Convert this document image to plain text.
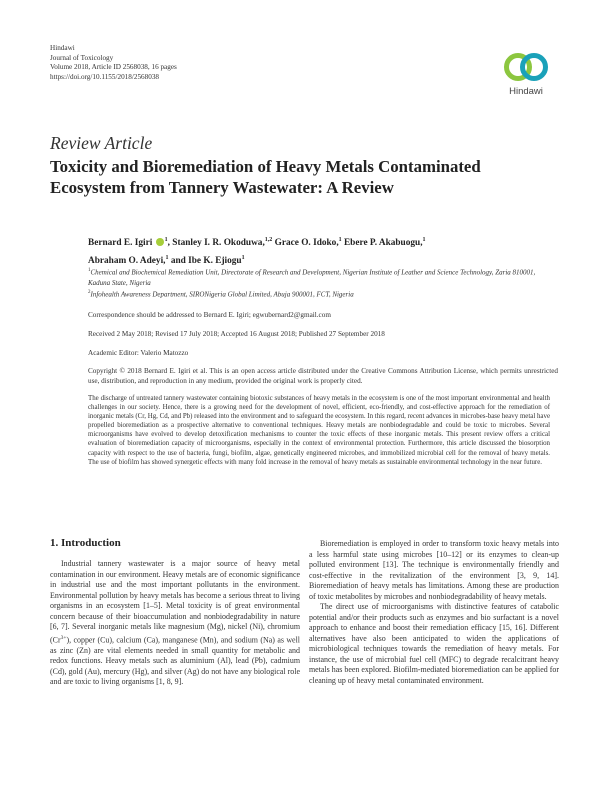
Hindawi
Journal of Toxicology
Volume 2018, Article ID 2568038, 16 pages
https://doi.org/10.1155/2018/2568038
Hindawi
Review Article
Toxicity and Bioremediation of Heavy Metals Contaminated Ecosystem from Tannery Wastewater: A Review
Bernard E. Igiri $^1$, Stanley I. R. Okoduwa,$^{1,2}$ Grace O. Idoko,$^1$ Ebere P. Akabuogu,$^1$
Abraham O. Adeyi,$^1$ and Ibe K. Ejiogu$^1$
$^1$Chemical and Biochemical Remediation Unit, Directorate of Research and Development, Nigerian Institute of Leather and Science Technology, Zaria 810001, Kaduna State, Nigeria
$^2$Infohealth Awareness Department, SIRONigeria Global Limited, Abuja 900001, FCT, Nigeria
Correspondence should be addressed to Bernard E. Igiri; egwubernard2@gmail.com
Received 2 May 2018; Revised 17 July 2018; Accepted 16 August 2018; Published 27 September 2018
Academic Editor: Valerio Matozzo
Copyright © 2018 Bernard E. Igiri et al. This is an open access article distributed under the Creative Commons Attribution License, which permits unrestricted use, distribution, and reproduction in any medium, provided the original work is properly cited.
The discharge of untreated tannery wastewater containing biotoxic substances of heavy metals in the ecosystem is one of the most important environmental and health challenges in our society. Hence, there is a growing need for the development of novel, efficient, eco-friendly, and cost-effective approach for the remediation of inorganic metals (Cr, Hg, Cd, and Pb) released into the environment and to safeguard the ecosystem. In this regard, recent advances in microbes-base heavy metal have propelled bioremediation as a prospective alternative to conventional techniques. Heavy metals are nonbiodegradable and could be toxic to microbes. Several microorganisms have evolved to develop detoxification mechanisms to counter the toxic effects of these inorganic metals. This present review offers a critical evaluation of bioremediation capacity of microorganisms, especially in the context of environmental protection. Furthermore, this article discussed the biosorption capacity with respect to the use of bacteria, fungi, biofilm, algae, genetically engineered microbes, and immobilized microbial cell for the removal of heavy metals. The use of biofilm has showed synergetic effects with many fold increase in the removal of heavy metals as sustainable environmental technology in the near future.
1. Introduction

Industrial tannery wastewater is a major source of heavy metal contamination in our environment. Heavy metals are of economic significance in industrial use and the most important pollutants in the environment. Environmental pollution by heavy metals has become a serious threat to living organisms in an ecosystem [1–5]. Metal toxicity is of great environmental concern because of their bioaccumulation and nonbiodegradability in nature [6, 7]. Several inorganic metals like magnesium (Mg), nickel (Ni), chromium $(Cr^{3+})$, copper (Cu), calcium (Ca), manganese (Mn), and sodium (Na) as well as zinc (Zn) are vital elements needed in small quantity for metabolic and redox functions. Heavy metals such as aluminium (Al), lead (Pb), cadmium (Cd), gold (Au), mercury (Hg), and silver (Ag) do not have any biological role and are toxic to living organisms [1, 8, 9].

Bioremediation is employed in order to transform toxic heavy metals into a less harmful state using microbes [10–12] or its enzymes to clean-up polluted environment [13]. The technique is environmentally friendly and cost-effective in the revitalization of the environment [3, 9, 14]. Bioremediation of heavy metals has limitations. Among these are production of toxic metabolites by microbes and nonbiodegradability of heavy metals.

The direct use of microorganisms with distinctive features of catabolic potential and/or their products such as enzymes and bio surfactant is a novel approach to enhance and boost their remediation efficacy [15, 16]. Different alternatives have also been anticipated to widen the applications of microbiological techniques towards the remediation of heavy metals. For instance, the use of microbial fuel cell (MFC) to degrade recalcitrant heavy metals has been explored. Biofilm-mediated bioremediation can be applied for cleaning up of heavy metal contaminated environment.
